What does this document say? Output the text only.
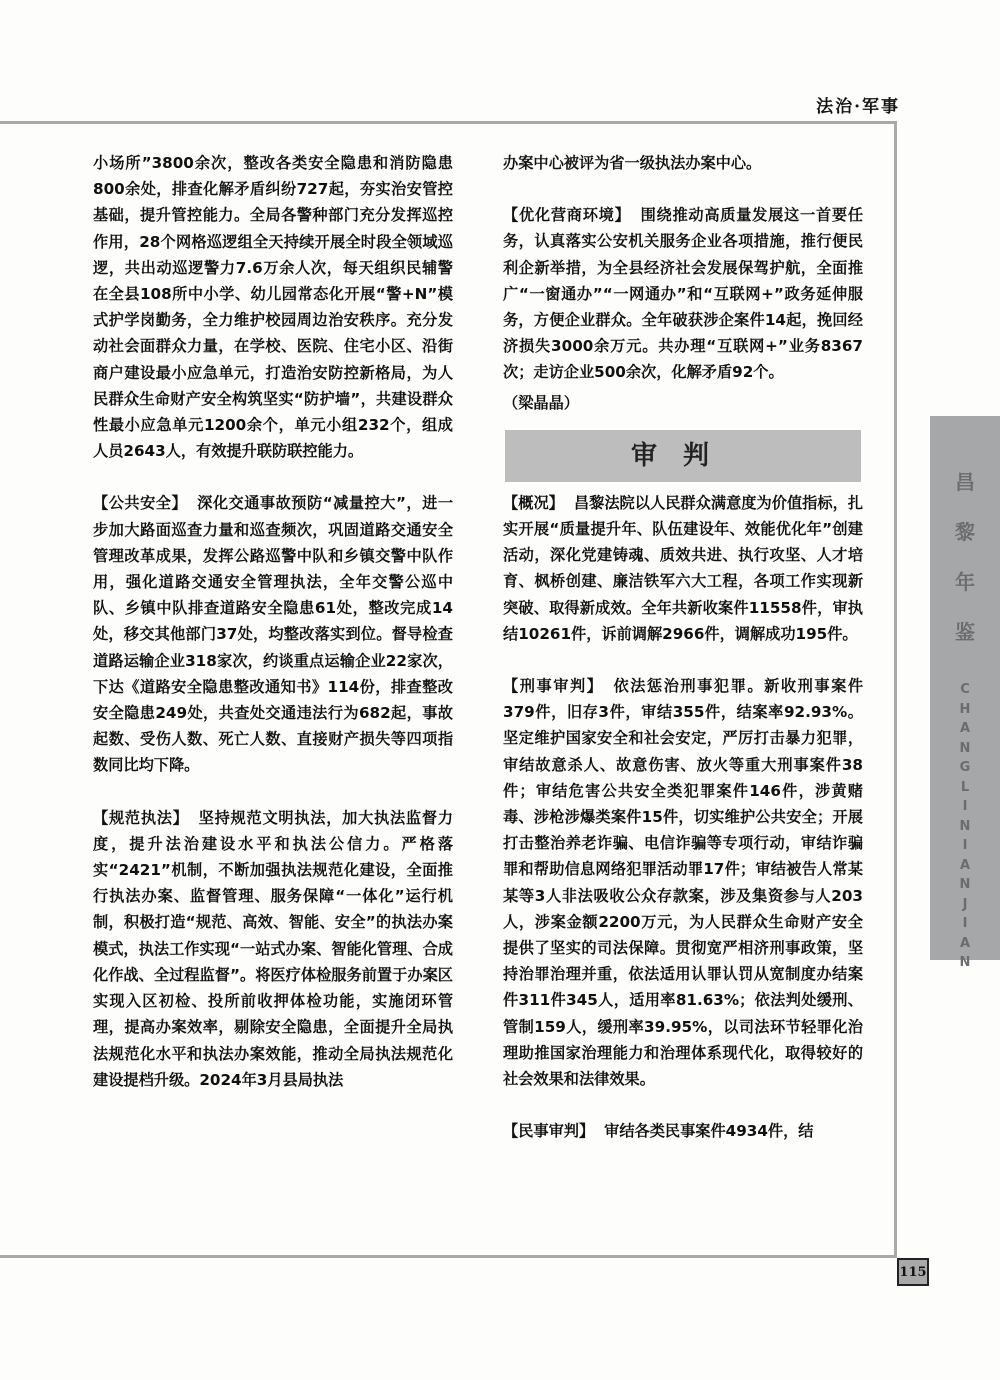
法治·军事

小场所”3800余次，整改各类安全隐患和消防隐患800余处，排查化解矛盾纠纷727起，夯实治安管控基础，提升管控能力。全局各警种部门充分发挥巡控作用，28个网格巡逻组全天持续开展全时段全领域巡逻，共出动巡逻警力7.6万余人次，每天组织民辅警在全县108所中小学、幼儿园常态化开展“警+N”模式护学岗勤务，全力维护校园周边治安秩序。充分发动社会面群众力量，在学校、医院、住宅小区、沿街商户建设最小应急单元，打造治安防控新格局，为人民群众生命财产安全构筑坚实“防护墙”，共建设群众性最小应急单元1200余个，单元小组232个，组成人员2643人，有效提升联防联控能力。

【公共安全】 深化交通事故预防“减量控大”，进一步加大路面巡查力量和巡查频次，巩固道路交通安全管理改革成果，发挥公路巡警中队和乡镇交警中队作用，强化道路交通安全管理执法，全年交警公巡中队、乡镇中队排查道路安全隐患61处，整改完成14处，移交其他部门37处，均整改落实到位。督导检查道路运输企业318家次，约谈重点运输企业22家次，下达《道路安全隐患整改通知书》114份，排查整改安全隐患249处，共查处交通违法行为682起，事故起数、受伤人数、死亡人数、直接财产损失等四项指数同比均下降。

【规范执法】 坚持规范文明执法，加大执法监督力度，提升法治建设水平和执法公信力。严格落实“2421”机制，不断加强执法规范化建设，全面推行执法办案、监督管理、服务保障“一体化”运行机制，积极打造“规范、高效、智能、安全”的执法办案模式，执法工作实现“一站式办案、智能化管理、合成化作战、全过程监督”。将医疗体检服务前置于办案区实现入区初检、投所前收押体检功能，实施闭环管理，提高办案效率，剔除安全隐患，全面提升全局执法规范化水平和执法办案效能，推动全局执法规范化建设提档升级。2024年3月县局执法

办案中心被评为省一级执法办案中心。

【优化营商环境】 围绕推动高质量发展这一首要任务，认真落实公安机关服务企业各项措施，推行便民利企新举措，为全县经济社会发展保驾护航，全面推广“一窗通办”“一网通办”和“互联网+”政务延伸服务，方便企业群众。全年破获涉企案件14起，挽回经济损失3000余万元。共办理“互联网+”业务8367次；走访企业500余次，化解矛盾92个。

（梁晶晶）

审判

【概况】 昌黎法院以人民群众满意度为价值指标，扎实开展“质量提升年、队伍建设年、效能优化年”创建活动，深化党建铸魂、质效共进、执行攻坚、人才培育、枫桥创建、廉洁铁军六大工程，各项工作实现新突破、取得新成效。全年共新收案件11558件，审执结10261件，诉前调解2966件，调解成功195件。

【刑事审判】 依法惩治刑事犯罪。新收刑事案件379件，旧存3件，审结355件，结案率92.93%。坚定维护国家安全和社会安定，严厉打击暴力犯罪，审结故意杀人、故意伤害、放火等重大刑事案件38件；审结危害公共安全类犯罪案件146件，涉黄赌毒、涉枪涉爆类案件15件，切实维护公共安全；开展打击整治养老诈骗、电信诈骗等专项行动，审结诈骗罪和帮助信息网络犯罪活动罪17件；审结被告人常某某等3人非法吸收公众存款案，涉及集资参与人203人，涉案金额2200万元，为人民群众生命财产安全提供了坚实的司法保障。贯彻宽严相济刑事政策，坚持治罪治理并重，依法适用认罪认罚从宽制度办结案件311件345人，适用率81.63%；依法判处缓刑、管制159人，缓刑率39.95%，以司法环节轻罪化治理助推国家治理能力和治理体系现代化，取得较好的社会效果和法律效果。

【民事审判】 审结各类民事案件4934件，结

昌
黎
年
鉴
C
H
A
N
G
L
I
N
I
A
N
J
I
A
N
115
